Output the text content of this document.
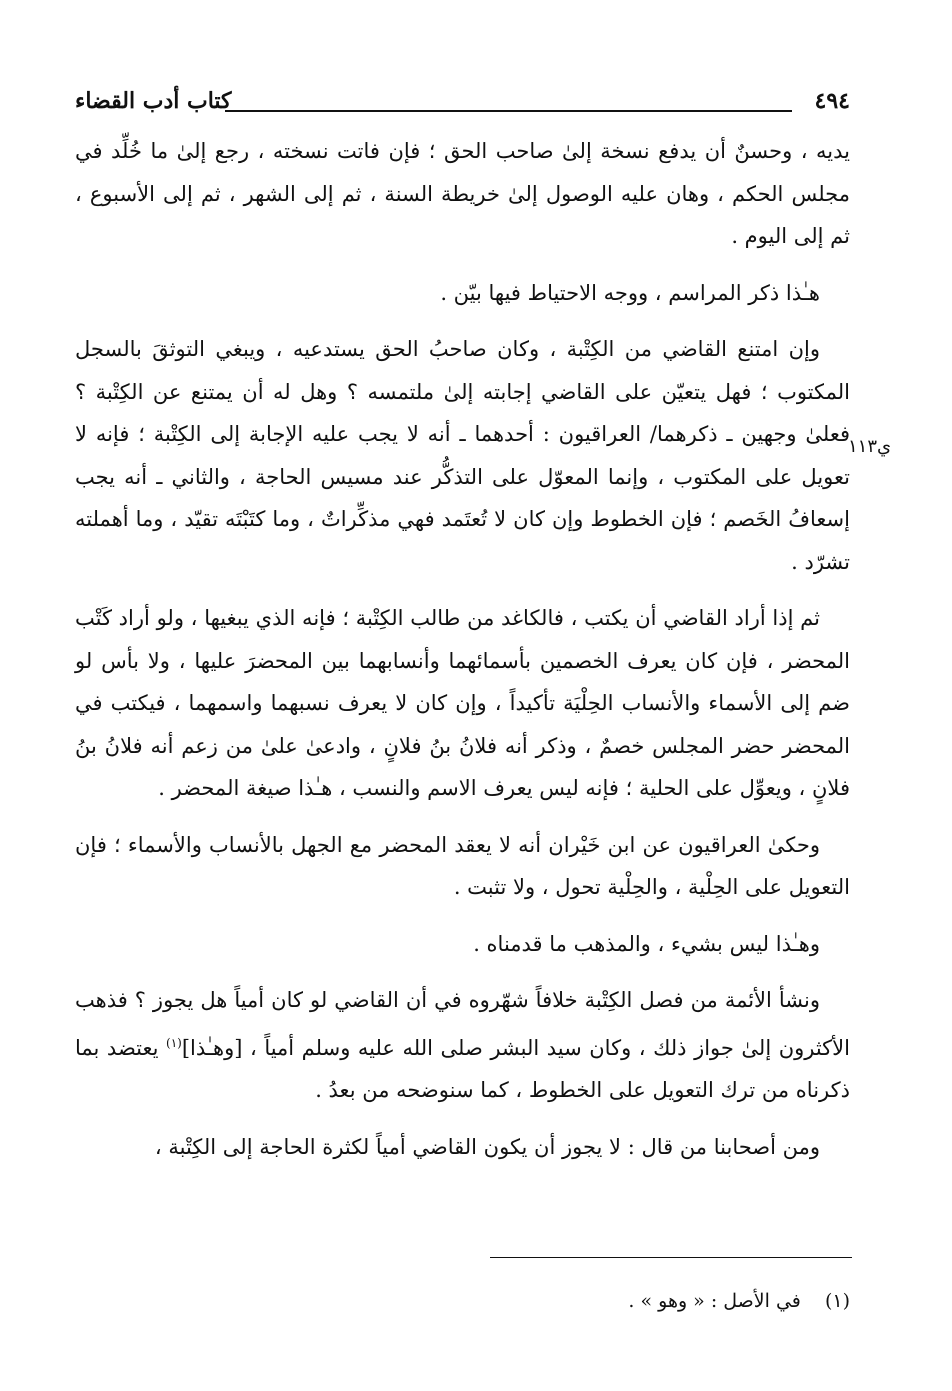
٤٩٤
كتاب أدب القضاء
ي١١٣

يديه ، وحسنٌ أن يدفع نسخة إلىٰ صاحب الحق ؛ فإن فاتت نسخته ، رجع إلىٰ ما خُلِّد في مجلس الحكم ، وهان عليه الوصول إلىٰ خريطة السنة ، ثم إلى الشهر ، ثم إلى الأسبوع ، ثم إلى اليوم .

هـٰذا ذكر المراسم ، ووجه الاحتياط فيها بيّن .

وإن امتنع القاضي من الكِتْبة ، وكان صاحبُ الحق يستدعيه ، ويبغي التوثقَ بالسجل المكتوب ؛ فهل يتعيّن على القاضي إجابته إلىٰ ملتمسه ؟ وهل له أن يمتنع عن الكِتْبة ؟ فعلىٰ وجهين ـ ذكرهما/ العراقيون : أحدهما ـ أنه لا يجب عليه الإجابة إلى الكِتْبة ؛ فإنه لا تعويل على المكتوب ، وإنما المعوّل على التذكُّر عند مسيس الحاجة ، والثاني ـ أنه يجب إسعافُ الخَصم ؛ فإن الخطوط وإن كان لا تُعتَمد فهي مذكِّراتٌ ، وما كتَبْتَه تقيّد ، وما أهملته تشرّد .

ثم إذا أراد القاضي أن يكتب ، فالكاغد من طالب الكِتْبة ؛ فإنه الذي يبغيها ، ولو أراد كَتْب المحضر ، فإن كان يعرف الخصمين بأسمائهما وأنسابهما بين المحضرَ عليها ، ولا بأس لو ضم إلى الأسماء والأنساب الحِلْيَة تأكيداً ، وإن كان لا يعرف نسبهما واسمهما ، فيكتب في المحضر حضر المجلس خصمٌ ، وذكر أنه فلانُ بنُ فلانٍ ، وادعىٰ علىٰ من زعم أنه فلانُ بنُ فلانٍ ، ويعوِّل على الحلية ؛ فإنه ليس يعرف الاسم والنسب ، هـٰذا صيغة المحضر .

وحكىٰ العراقيون عن ابن خَيْران أنه لا يعقد المحضر مع الجهل بالأنساب والأسماء ؛ فإن التعويل على الحِلْية ، والحِلْية تحول ، ولا تثبت .

وهـٰذا ليس بشيء ، والمذهب ما قدمناه .

ونشأ الأئمة من فصل الكِتْبة خلافاً شهّروه في أن القاضي لو كان أمياً هل يجوز ؟ فذهب الأكثرون إلىٰ جواز ذلك ، وكان سيد البشر صلى الله عليه وسلم أمياً ، [وهـٰذا]$^{(١)}$ يعتضد بما ذكرناه من ترك التعويل على الخطوط ، كما سنوضحه من بعدُ .

ومن أصحابنا من قال : لا يجوز أن يكون القاضي أمياً لكثرة الحاجة إلى الكِتْبة ،

(١) في الأصل : « وهو » .
